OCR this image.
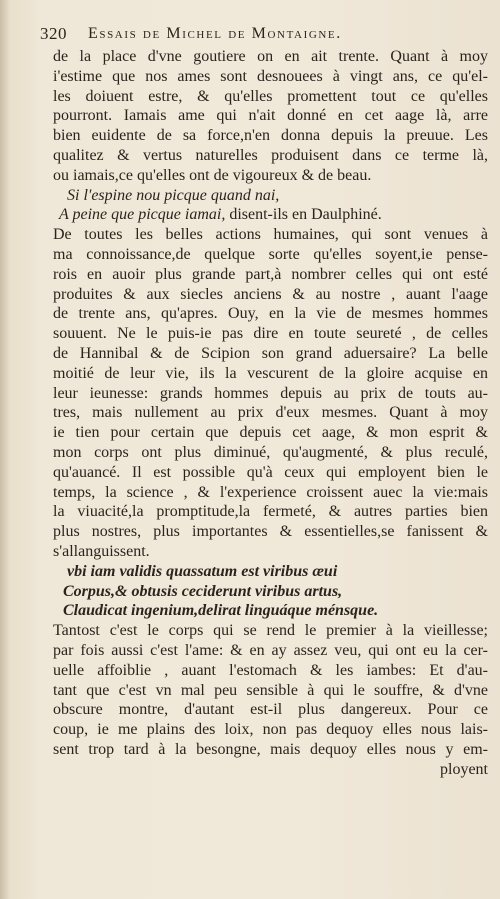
320 Essais de Michel de Montaigne.
de la place d'vne goutiere on en ait trente. Quant à moy
i'estime que nos ames sont desnouees à vingt ans, ce qu'el-
les doiuent estre, & qu'elles promettent tout ce qu'elles
pourront. Iamais ame qui n'ait donné en cet aage là, arre
bien euidente de sa force,n'en donna depuis la preuue. Les
qualitez & vertus naturelles produisent dans ce terme là,
ou iamais,ce qu'elles ont de vigoureux & de beau.
Si l'espine nou picque quand nai,
A peine que picque iamai, disent-ils en Daulphiné.
De toutes les belles actions humaines, qui sont venues à
ma connoissance,de quelque sorte qu'elles soyent,ie pense-
rois en auoir plus grande part,à nombrer celles qui ont esté
produites & aux siecles anciens & au nostre , auant l'aage
de trente ans, qu'apres. Ouy, en la vie de mesmes hommes
souuent. Ne le puis-ie pas dire en toute seureté , de celles
de Hannibal & de Scipion son grand aduersaire? La belle
moitié de leur vie, ils la vescurent de la gloire acquise en
leur ieunesse: grands hommes depuis au prix de touts au-
tres, mais nullement au prix d'eux mesmes. Quant à moy
ie tien pour certain que depuis cet aage, & mon esprit &
mon corps ont plus diminué, qu'augmenté, & plus reculé,
qu'auancé. Il est possible qu'à ceux qui employent bien le
temps, la science , & l'experience croissent auec la vie:mais
la viuacité,la promptitude,la fermeté, & autres parties bien
plus nostres, plus importantes & essentielles,se fanissent &
s'allanguissent.
vbi iam validis quassatum est viribus æui
Corpus,& obtusis ceciderunt viribus artus,
Claudicat ingenium,delirat linguáque ménsque.
Tantost c'est le corps qui se rend le premier à la vieillesse;
par fois aussi c'est l'ame: & en ay assez veu, qui ont eu la cer-
uelle affoiblie , auant l'estomach & les iambes: Et d'au-
tant que c'est vn mal peu sensible à qui le souffre, & d'vne
obscure montre, d'autant est-il plus dangereux. Pour ce
coup, ie me plains des loix, non pas dequoy elles nous lais-
sent trop tard à la besongne, mais dequoy elles nous y em-
ployent
